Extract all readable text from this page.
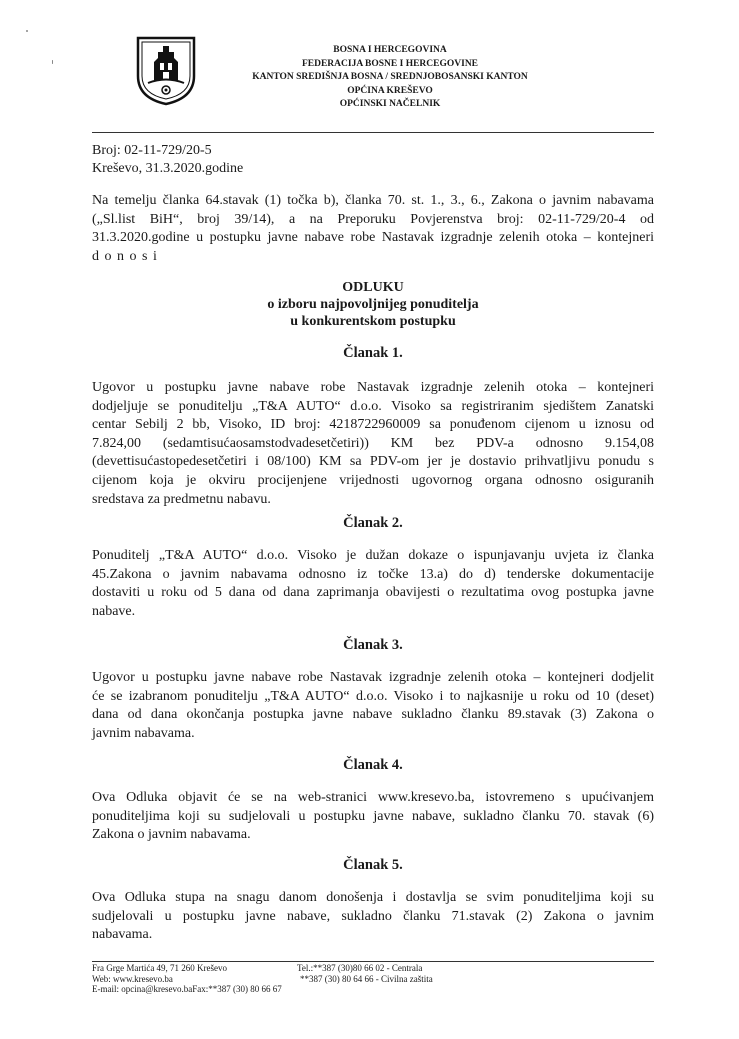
BOSNA I HERCEGOVINA
FEDERACIJA BOSNE I HERCEGOVINE
KANTON SREDIŠNJA BOSNA / SREDNJOBOSANSKI KANTON
OPĆINA KREŠEVO
OPĆINSKI NAČELNIK
Broj: 02-11-729/20-5
Kreševo, 31.3.2020.godine
Na temelju članka 64.stavak (1) točka b), članka 70. st. 1., 3., 6., Zakona o javnim nabavama
(„Sl.list BiH“, broj 39/14), a na Preporuku Povjerenstva broj: 02-11-729/20-4 od
31.3.2020.godine u postupku javne nabave robe Nastavak izgradnje zelenih otoka – kontejneri
d o n o s i
ODLUKU
o izboru najpovoljnijeg ponuditelja
u konkurentskom postupku
Članak 1.
Ugovor u postupku javne nabave robe Nastavak izgradnje zelenih otoka – kontejneri
dodjeljuje se ponuditelju „T&A AUTO“ d.o.o. Visoko sa registriranim sjedištem Zanatski
centar Sebilj 2 bb, Visoko, ID broj: 4218722960009 sa ponuđenom cijenom u iznosu od
7.824,00 (sedamtisućaosamstodvadesetčetiri)) KM bez PDV-a odnosno 9.154,08
(devettisućastopedesetčetiri i 08/100) KM sa PDV-om jer je dostavio prihvatljivu ponudu s
cijenom koja je okviru procijenjene vrijednosti ugovornog organa odnosno osiguranih
sredstava za predmetnu nabavu.
Članak 2.
Ponuditelj „T&A AUTO“ d.o.o. Visoko je dužan dokaze o ispunjavanju uvjeta iz članka
45.Zakona o javnim nabavama odnosno iz točke 13.a) do d) tenderske dokumentacije
dostaviti u roku od 5 dana od dana zaprimanja obavijesti o rezultatima ovog postupka javne
nabave.
Članak 3.
Ugovor u postupku javne nabave robe Nastavak izgradnje zelenih otoka – kontejneri dodjelit
će se izabranom ponuditelju „T&A AUTO“ d.o.o. Visoko i to najkasnije u roku od 10 (deset)
dana od dana okončanja postupka javne nabave sukladno članku 89.stavak (3) Zakona o
javnim nabavama.
Članak 4.
Ova Odluka objavit će se na web-stranici www.kresevo.ba, istovremeno s upućivanjem
ponuditeljima koji su sudjelovali u postupku javne nabave, sukladno članku 70. stavak (6)
Zakona o javnim nabavama.
Članak 5.
Ova Odluka stupa na snagu danom donošenja i dostavlja se svim ponuditeljima koji su
sudjelovali u postupku javne nabave, sukladno članku 71.stavak (2) Zakona o javnim
nabavama.
Fra Grge Martića 49, 71 260 Kreševo
Web: www.kresevo.ba
E-mail: opcina@kresevo.baFax:**387 (30) 80 66 67
Tel.:**387 (30)80 66 02 - Centrala
**387 (30) 80 64 66 - Civilna zaštita
